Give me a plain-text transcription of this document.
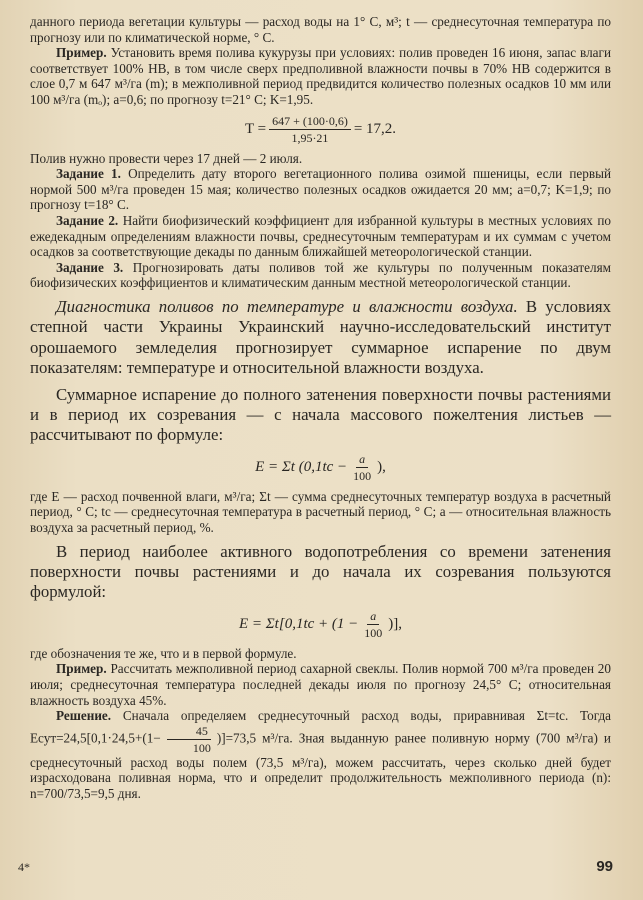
данного периода вегетации культуры — расход воды на 1° С, м³; t — среднесуточная температура по прогнозу или по климатической норме, ° С.

Пример. Установить время полива кукурузы при условиях: полив проведен 16 июня, запас влаги соответствует 100% НВ, в том числе сверх предполивной влажности почвы в 70% НВ содержится в слое 0,7 м 647 м³/га (m); в межполивной период предвидится количество полезных осадков 10 мм или 100 м³/га (mₒ); a=0,6; по прогнозу t=21° С; K=1,95.

$T = \frac{647 + (100\cdot 0,6)}{1,95\cdot 21} = 17,2$.

Полив нужно провести через 17 дней — 2 июля.

Задание 1. Определить дату второго вегетационного полива озимой пшеницы, если первый нормой 500 м³/га проведен 15 мая; количество полезных осадков ожидается 20 мм; a=0,7; K=1,9; по прогнозу t=18° С.

Задание 2. Найти биофизический коэффициент для избранной культуры в местных условиях по ежедекадным определениям влажности почвы, среднесуточным температурам и их суммам с учетом осадков за соответствующие декады по данным ближайшей метеорологической станции.

Задание 3. Прогнозировать даты поливов той же культуры по полученным показателям биофизических коэффициентов и климатическим данным местной метеорологической станции.

Диагностика поливов по температуре и влажности воздуха. В условиях степной части Украины Украинский научно-исследовательский институт орошаемого земледелия прогнозирует суммарное испарение по двум показателям: температуре и относительной влажности воздуха.

Суммарное испарение до полного затенения поверхности почвы растениями и в период их созревания — с начала массового пожелтения листьев — рассчитывают по формуле:

E = Σt ($0,1tc - \frac{a}{100}$ ),

где E — расход почвенной влаги, м³/га; Σt — сумма среднесуточных температур воздуха в расчетный период, ° С; tc — среднесуточная температура в расчетный период, ° С; a — относительная влажность воздуха за расчетный период, %.

В период наиболее активного водопотребления со времени затенения поверхности почвы растениями и до начала их созревания пользуются формулой:

$E = \Sigma t[0,1tc + (1 - \frac{a}{100}$ )],

где обозначения те же, что и в первой формуле.

Пример. Рассчитать межполивной период сахарной свеклы. Полив нормой 700 м³/га проведен 20 июля; среднесуточная температура последней декады июля по прогнозу 24,5° С; относительная влажность воздуха 45%.

Решение. Сначала определяем среднесуточный расход воды, приравнивая Σt=tc. Тогда Eсут=24,5[0,1·24,5+(1− $\frac{45}{100} )]=73,5$ м³/га. Зная выданную ранее поливную норму (700 м³/га) и среднесуточный расход воды полем (73,5 м³/га), можем рассчитать, через сколько дней будет израсходована поливная норма, что и определит продолжительность межполивного периода (n): n=700/73,5=9,5 дня.

4*	99
